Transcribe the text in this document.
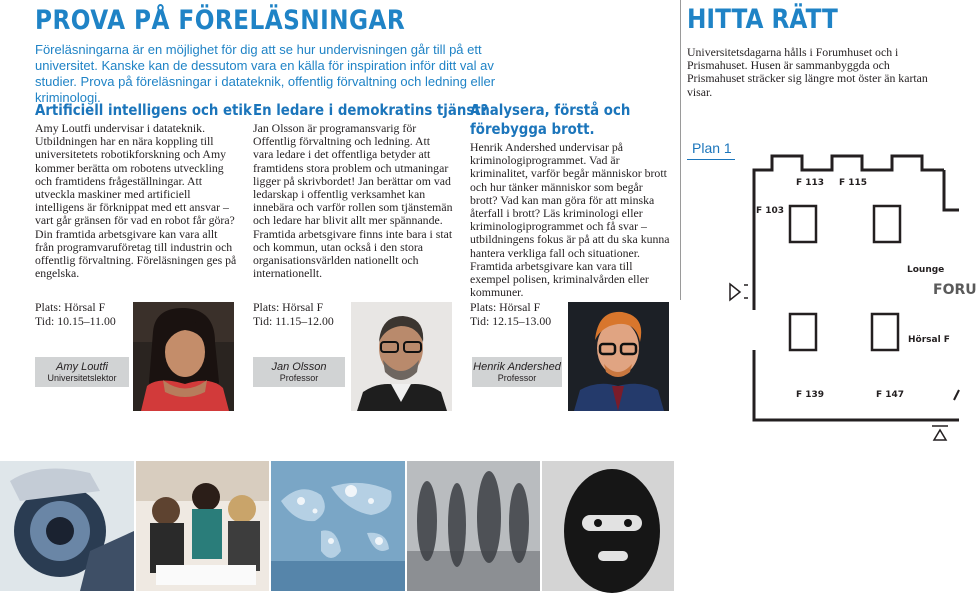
PROVA PÅ FÖRELÄSNINGAR
Föreläsningarna är en möjlighet för dig att se hur undervisningen går till på ett universitet. Kanske kan de dessutom vara en källa för inspiration inför ditt val av studier. Prova på föreläsningar i datateknik, offentlig förvaltning och ledning eller kriminologi.
Artificiell intelligens och etik
Amy Loutfi undervisar i datateknik. Utbildningen har en nära koppling till universitetets robotikforskning och Amy kommer berätta om robotens utveckling och framtidens frågeställningar. Att utveckla maskiner med artificiell intelligens är förknippat med ett ansvar – vart går gränsen för vad en robot får göra? Din framtida arbetsgivare kan vara allt från programvaruföretag till industrin och offentlig förvaltning. Föreläsningen ges på engelska.
Plats: Hörsal F
Tid: 10.15–11.00
Amy Loutfi
Universitetslektor
En ledare i demokratins tjänst?
Jan Olsson är programansvarig för Offentlig förvaltning och ledning. Att vara ledare i det offentliga betyder att framtidens stora problem och utmaningar ligger på skrivbordet! Jan berättar om vad ledarskap i offentlig verksamhet kan innebära och varför rollen som tjänstemän och ledare har blivit allt mer spännande. Framtida arbetsgivare finns inte bara i stat och kommun, utan också i den stora organisationsvärlden nationellt och internationellt.
Plats: Hörsal F
Tid: 11.15–12.00
Jan Olsson
Professor
Analysera, förstå och
förebygga brott.
Henrik Andershed undervisar på kriminologiprogrammet. Vad är kriminalitet, varför begår människor brott och hur tänker människor som begår brott? Vad kan man göra för att minska återfall i brott? Läs kriminologi eller kriminologiprogrammet och få svar – utbildningens fokus är på att du ska kunna hantera verkliga fall och situationer. Framtida arbetsgivare kan vara till exempel polisen, kriminalvården eller kommuner.
Plats: Hörsal F
Tid: 12.15–13.00
Henrik Andershed
Professor
HITTA RÄTT
Universitetsdagarna hålls i Forumhuset och i Prismahuset. Husen är sammanbyggda och Prismahuset sträcker sig längre mot öster än kartan visar.
Plan 1
F 113 F 115
F 103
Lounge
FORU
Hörsal F
F 139	F 147
